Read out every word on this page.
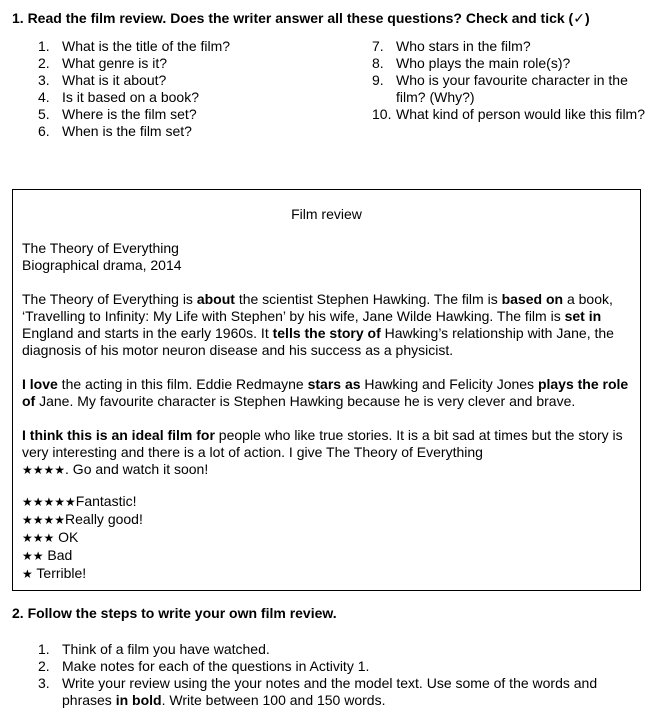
1. Read the film review. Does the writer answer all these questions? Check and tick (✓)
1. What is the title of the film?
2. What genre is it?
3. What is it about?
4. Is it based on a book?
5. Where is the film set?
6. When is the film set?
7. Who stars in the film?
8. Who plays the main role(s)?
9. Who is your favourite character in the film? (Why?)
10. What kind of person would like this film?
Film review
The Theory of Everything
Biographical drama, 2014

The Theory of Everything is about the scientist Stephen Hawking. The film is based on a book, ‘Travelling to Infinity: My Life with Stephen’ by his wife, Jane Wilde Hawking. The film is set in England and starts in the early 1960s. It tells the story of Hawking’s relationship with Jane, the diagnosis of his motor neuron disease and his success as a physicist.

I love the acting in this film. Eddie Redmayne stars as Hawking and Felicity Jones plays the role of Jane. My favourite character is Stephen Hawking because he is very clever and brave.

I think this is an ideal film for people who like true stories. It is a bit sad at times but the story is very interesting and there is a lot of action. I give The Theory of Everything
★★★★. Go and watch it soon!

★★★★★Fantastic!
★★★★Really good!
★★★ OK
★★ Bad
★ Terrible!
2. Follow the steps to write your own film review.
1. Think of a film you have watched.
2. Make notes for each of the questions in Activity 1.
3. Write your review using the your notes and the model text. Use some of the words and phrases in bold. Write between 100 and 150 words.
